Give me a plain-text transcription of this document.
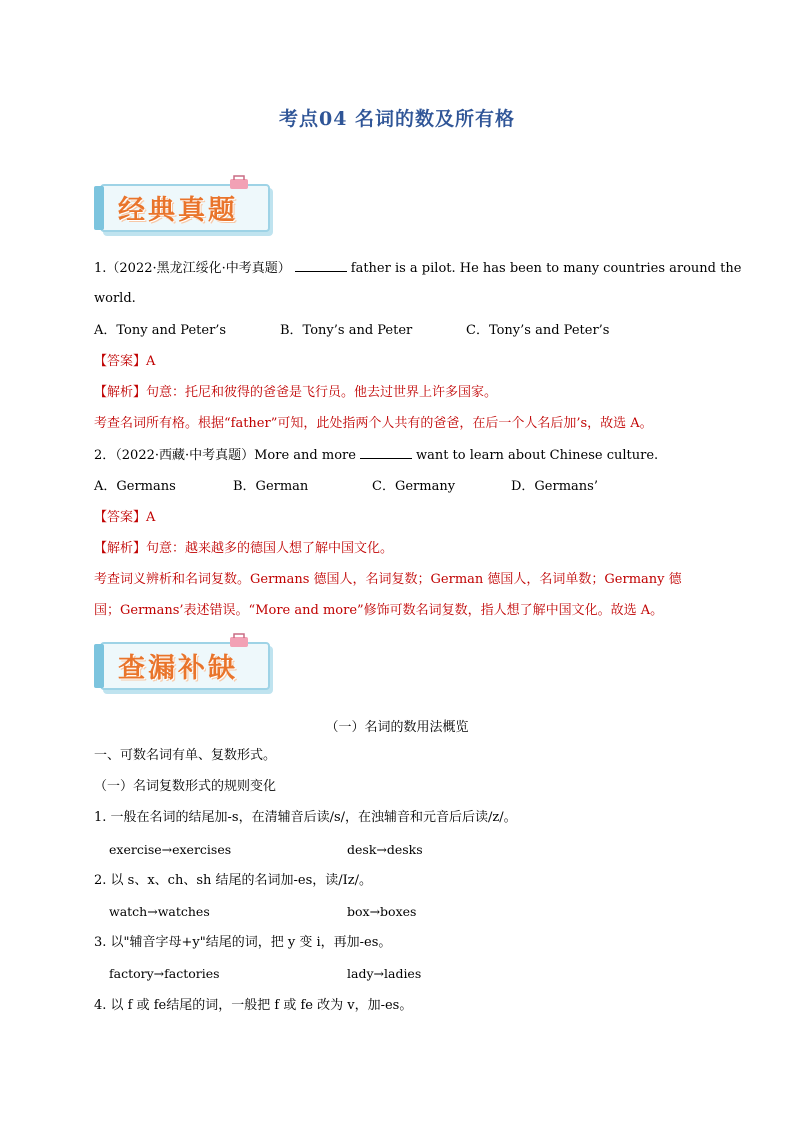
考点04 名词的数及所有格
经典真题
1.（2022·黑龙江绥化·中考真题）	father is a pilot. He has been to many countries around the
world.
A．Tony and Peter’s	B．Tony’s and Peter	C．Tony’s and Peter’s
【答案】A
【解析】句意：托尼和彼得的爸爸是飞行员。他去过世界上许多国家。
考查名词所有格。根据“father”可知，此处指两个人共有的爸爸，在后一个人名后加’s，故选 A。
2．（2022·西藏·中考真题）More and more	want to learn about Chinese culture.
A．Germans	B．German	C．Germany	D．Germans’
【答案】A
【解析】句意：越来越多的德国人想了解中国文化。
考查词义辨析和名词复数。Germans 德国人，名词复数；German 德国人，名词单数；Germany 德
国；Germans’表述错误。“More and more”修饰可数名词复数，指人想了解中国文化。故选 A。
查漏补缺
（一）名词的数用法概览
一、可数名词有单、复数形式。
（一）名词复数形式的规则变化
1. 一般在名词的结尾加-s，在清辅音后读/s/，在浊辅音和元音后后读/z/。
exercise→exercises	desk→desks
2. 以 s、x、ch、sh 结尾的名词加-es，读/Iz/。
watch→watches	box→boxes
3. 以"辅音字母+y"结尾的词，把 y 变 i，再加-es。
factory→factories	lady→ladies
4. 以 f 或 fe结尾的词，一般把 f 或 fe 改为 v，加-es。
